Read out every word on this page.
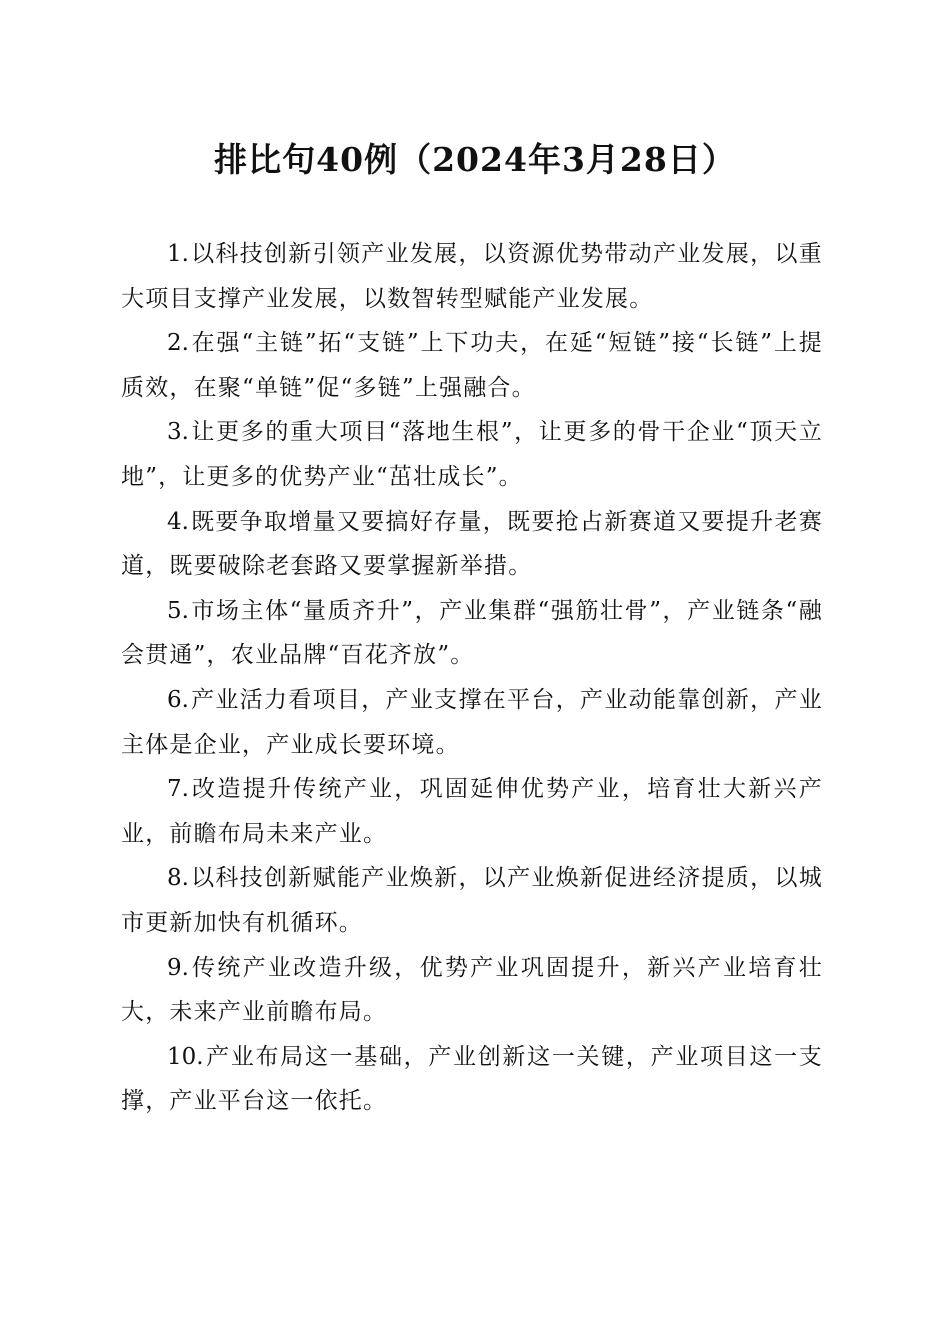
排比句40例（2024年3月28日）

1.以科技创新引领产业发展，以资源优势带动产业发展，以重大项目支撑产业发展，以数智转型赋能产业发展。

2.在强“主链”拓“支链”上下功夫，在延“短链”接“长链”上提质效，在聚“单链”促“多链”上强融合。

3.让更多的重大项目“落地生根”，让更多的骨干企业“顶天立地”，让更多的优势产业“茁壮成长”。

4.既要争取增量又要搞好存量，既要抢占新赛道又要提升老赛道，既要破除老套路又要掌握新举措。

5.市场主体“量质齐升”，产业集群“强筋壮骨”，产业链条“融会贯通”，农业品牌“百花齐放”。

6.产业活力看项目，产业支撑在平台，产业动能靠创新，产业主体是企业，产业成长要环境。

7.改造提升传统产业，巩固延伸优势产业，培育壮大新兴产业，前瞻布局未来产业。

8.以科技创新赋能产业焕新，以产业焕新促进经济提质，以城市更新加快有机循环。

9.传统产业改造升级，优势产业巩固提升，新兴产业培育壮大，未来产业前瞻布局。

10.产业布局这一基础，产业创新这一关键，产业项目这一支撑，产业平台这一依托。
